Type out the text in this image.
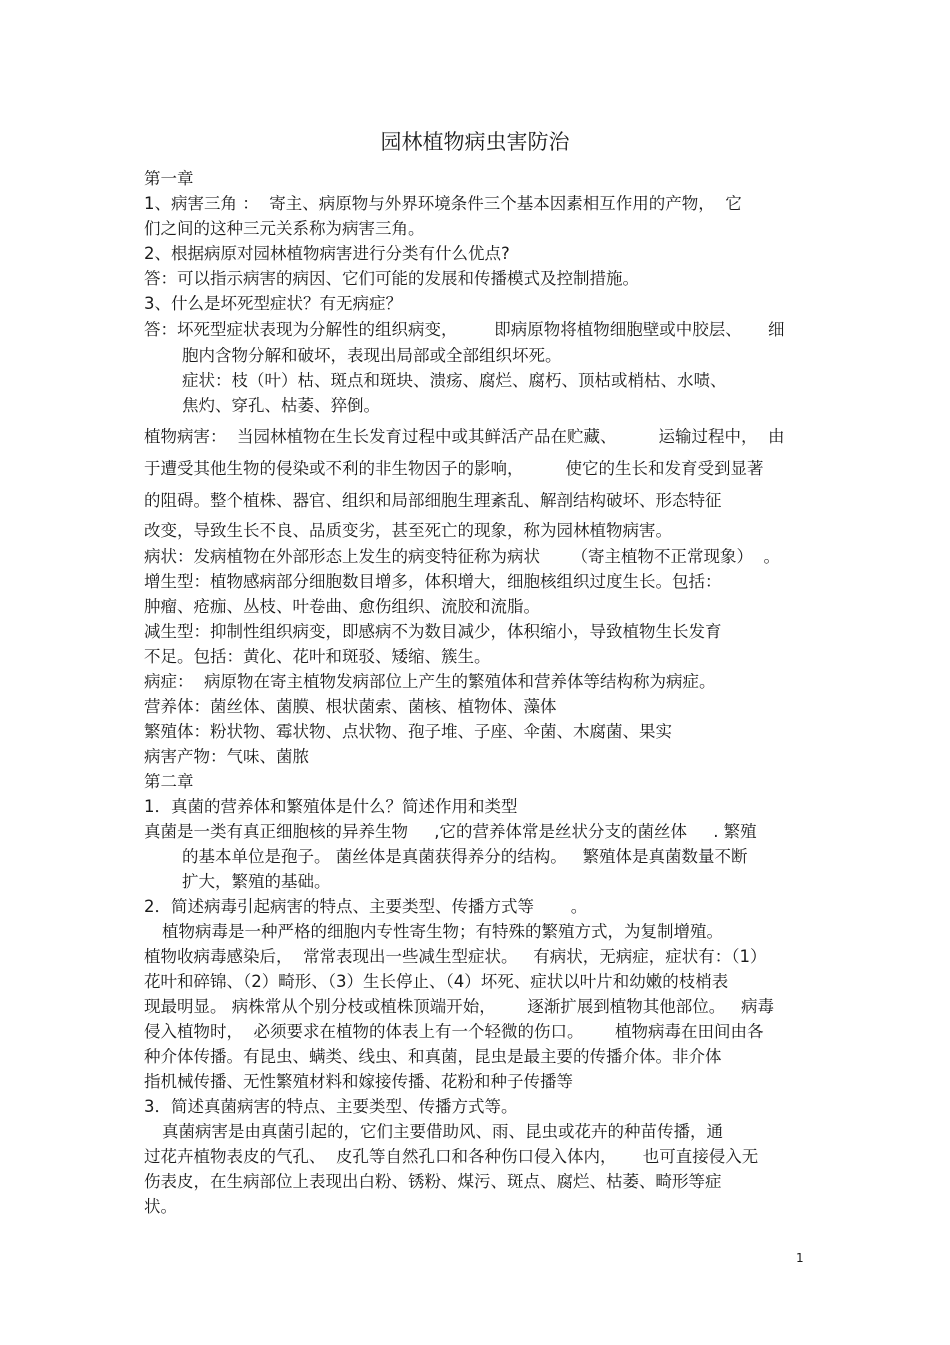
园林植物病虫害防治
第一章
1、病害三角 ：  寄主、病原物与外界环境条件三个基本因素相互作用的产物，  它
们之间的这种三元关系称为病害三角。
2、根据病原对园林植物病害进行分类有什么优点?
答：可以指示病害的病因、它们可能的发展和传播模式及控制措施。
3、什么是坏死型症状？有无病症？
答：坏死型症状表现为分解性的组织病变，       即病原物将植物细胞壁或中胶层、     细
胞内含物分解和破坏，表现出局部或全部组织坏死。
症状：枝（叶）枯、斑点和斑块、溃疡、腐烂、腐朽、顶枯或梢枯、水啧、
焦灼、穿孔、枯萎、猝倒。
植物病害：  当园林植物在生长发育过程中或其鲜活产品在贮藏、        运输过程中，  由
于遭受其他生物的侵染或不利的非生物因子的影响，        使它的生长和发育受到显著
的阻碍。整个植株、器官、组织和局部细胞生理紊乱、解剖结构破坏、形态特征
改变，导致生长不良、品质变劣，甚至死亡的现象，称为园林植物病害。
病状：发病植物在外部形态上发生的病变特征称为病状      （寄主植物不正常现象）  。
增生型：植物感病部分细胞数目增多，体积增大，细胞核组织过度生长。包括：
肿瘤、疮痂、丛枝、叶卷曲、愈伤组织、流胶和流脂。
减生型：抑制性组织病变，即感病不为数目减少，体积缩小，导致植物生长发育
不足。包括：黄化、花叶和斑驳、矮缩、簇生。
病症：  病原物在寄主植物发病部位上产生的繁殖体和营养体等结构称为病症。
营养体：菌丝体、菌膜、根状菌索、菌核、植物体、藻体
繁殖体：粉状物、霉状物、点状物、孢子堆、子座、伞菌、木腐菌、果实
病害产物：气味、菌脓
第二章
1．真菌的营养体和繁殖体是什么？简述作用和类型
真菌是一类有真正细胞核的异养生物     ,它的营养体常是丝状分支的菌丝体     . 繁殖
的基本单位是孢子。 菌丝体是真菌获得养分的结构。   繁殖体是真菌数量不断
扩大，繁殖的基础。
2．简述病毒引起病害的特点、主要类型、传播方式等       。
植物病毒是一种严格的细胞内专性寄生物；有特殊的繁殖方式，为复制增殖。
植物收病毒感染后，  常常表现出一些减生型症状。   有病状，无病症，症状有：（1）
花叶和碎锦、（2）畸形、（3）生长停止、（4）坏死、症状以叶片和幼嫩的枝梢表
现最明显。 病株常从个别分枝或植株顶端开始，      逐渐扩展到植物其他部位。   病毒
侵入植物时，  必须要求在植物的体表上有一个轻微的伤口。      植物病毒在田间由各
种介体传播。有昆虫、螨类、线虫、和真菌，昆虫是最主要的传播介体。非介体
指机械传播、无性繁殖材料和嫁接传播、花粉和种子传播等
3．简述真菌病害的特点、主要类型、传播方式等。
真菌病害是由真菌引起的，它们主要借助风、雨、昆虫或花卉的种苗传播，通
过花卉植物表皮的气孔、  皮孔等自然孔口和各种伤口侵入体内，     也可直接侵入无
伤表皮，在生病部位上表现出白粉、锈粉、煤污、斑点、腐烂、枯萎、畸形等症
状。
1
